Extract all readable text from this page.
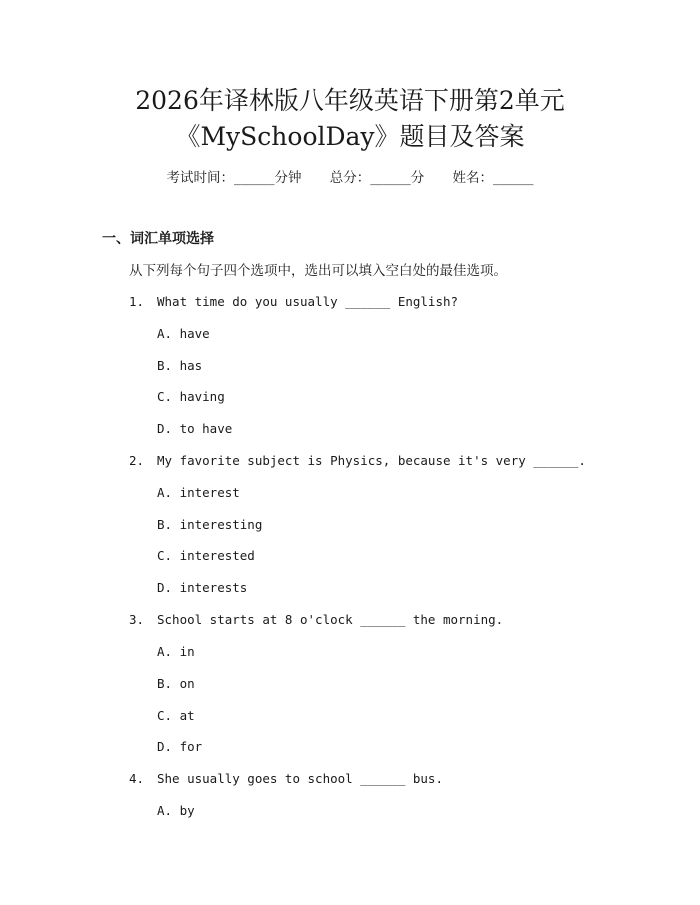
2026年译林版八年级英语下册第2单元
《MySchoolDay》题目及答案
考试时间：______分钟 总分：______分 姓名：______
一、词汇单项选择
从下列每个句子四个选项中，选出可以填入空白处的最佳选项。
1. What time do you usually ______ English?
A. have
B. has
C. having
D. to have
2. My favorite subject is Physics, because it's very ______.
A. interest
B. interesting
C. interested
D. interests
3. School starts at 8 o'clock ______ the morning.
A. in
B. on
C. at
D. for
4. She usually goes to school ______ bus.
A. by
